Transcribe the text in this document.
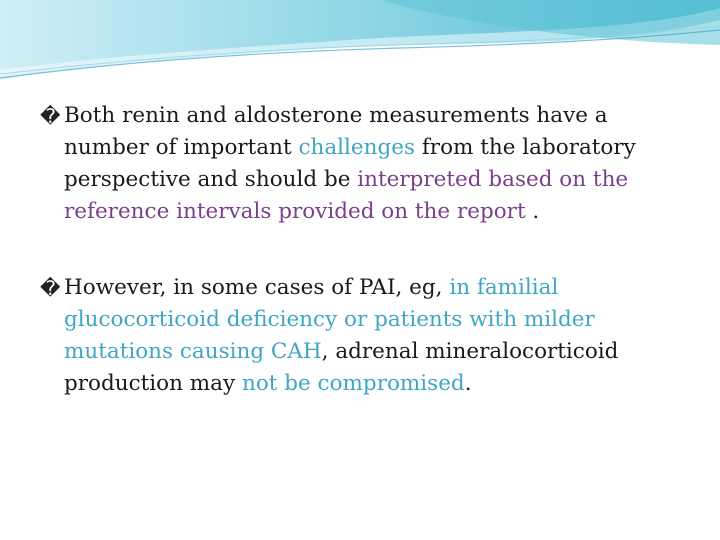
� Both renin and aldosterone measurements have a number of important challenges from the laboratory perspective and should be interpreted based on the reference intervals provided on the report .
� However, in some cases of PAI, eg, in familial glucocorticoid deficiency or patients with milder mutations causing CAH, adrenal mineralocorticoid production may not be compromised.
